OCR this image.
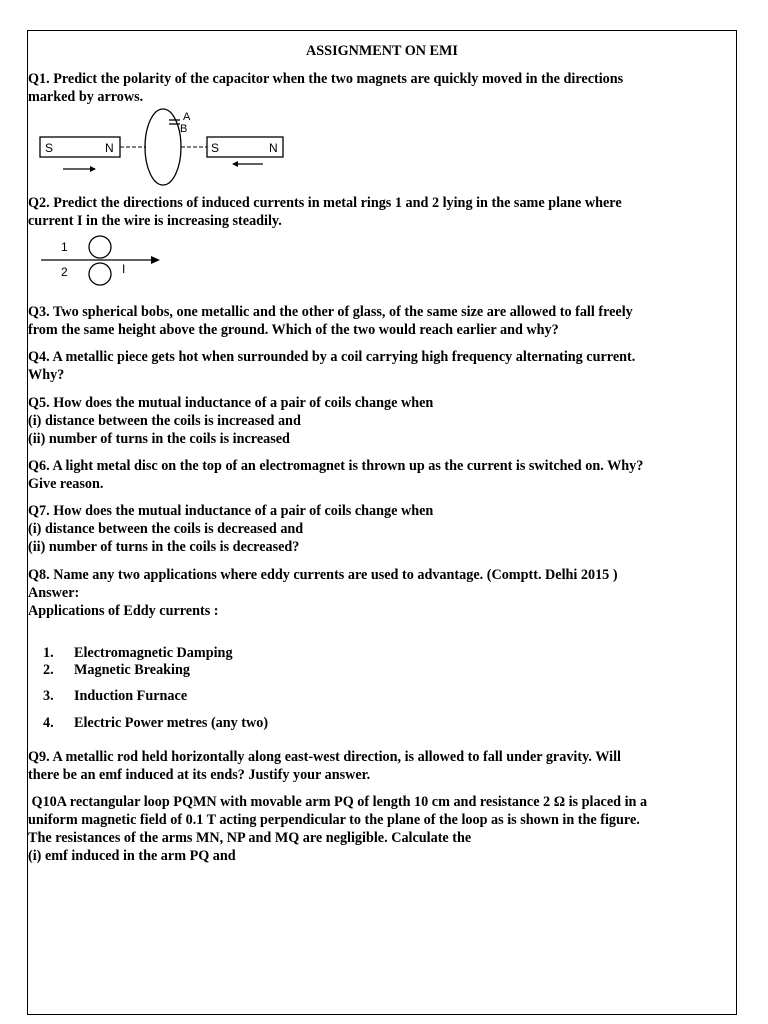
ASSIGNMENT ON EMI

Q1. Predict the polarity of the capacitor when the two magnets are quickly moved in the directions

marked by arrows.

S	N
A
B
S	N

Q2. Predict the directions of induced currents in metal rings 1 and 2 lying in the same plane where

current I in the wire is increasing steadily.

1
I
2

Q3. Two spherical bobs, one metallic and the other of glass, of the same size are allowed to fall freely

from the same height above the ground. Which of the two would reach earlier and why?

Q4. A metallic piece gets hot when surrounded by a coil carrying high frequency alternating current.

Why?

Q5. How does the mutual inductance of a pair of coils change when

(i) distance between the coils is increased and

(ii) number of turns in the coils is increased

Q6. A light metal disc on the top of an electromagnet is thrown up as the current is switched on. Why?

Give reason.

Q7. How does the mutual inductance of a pair of coils change when

(i) distance between the coils is decreased and

(ii) number of turns in the coils is decreased?

Q8. Name any two applications where eddy currents are used to advantage. (Comptt. Delhi 2015 )

Answer:

Applications of Eddy currents :

1. Electromagnetic Damping
2. Magnetic Breaking
3. Induction Furnace
4. Electric Power metres (any two)

Q9. A metallic rod held horizontally along east-west direction, is allowed to fall under gravity. Will

there be an emf induced at its ends? Justify your answer.

Q10A rectangular loop PQMN with movable arm PQ of length 10 cm and resistance 2 Ω is placed in a

uniform magnetic field of 0.1 T acting perpendicular to the plane of the loop as is shown in the figure.

The resistances of the arms MN, NP and MQ are negligible. Calculate the

(i) emf induced in the arm PQ and
